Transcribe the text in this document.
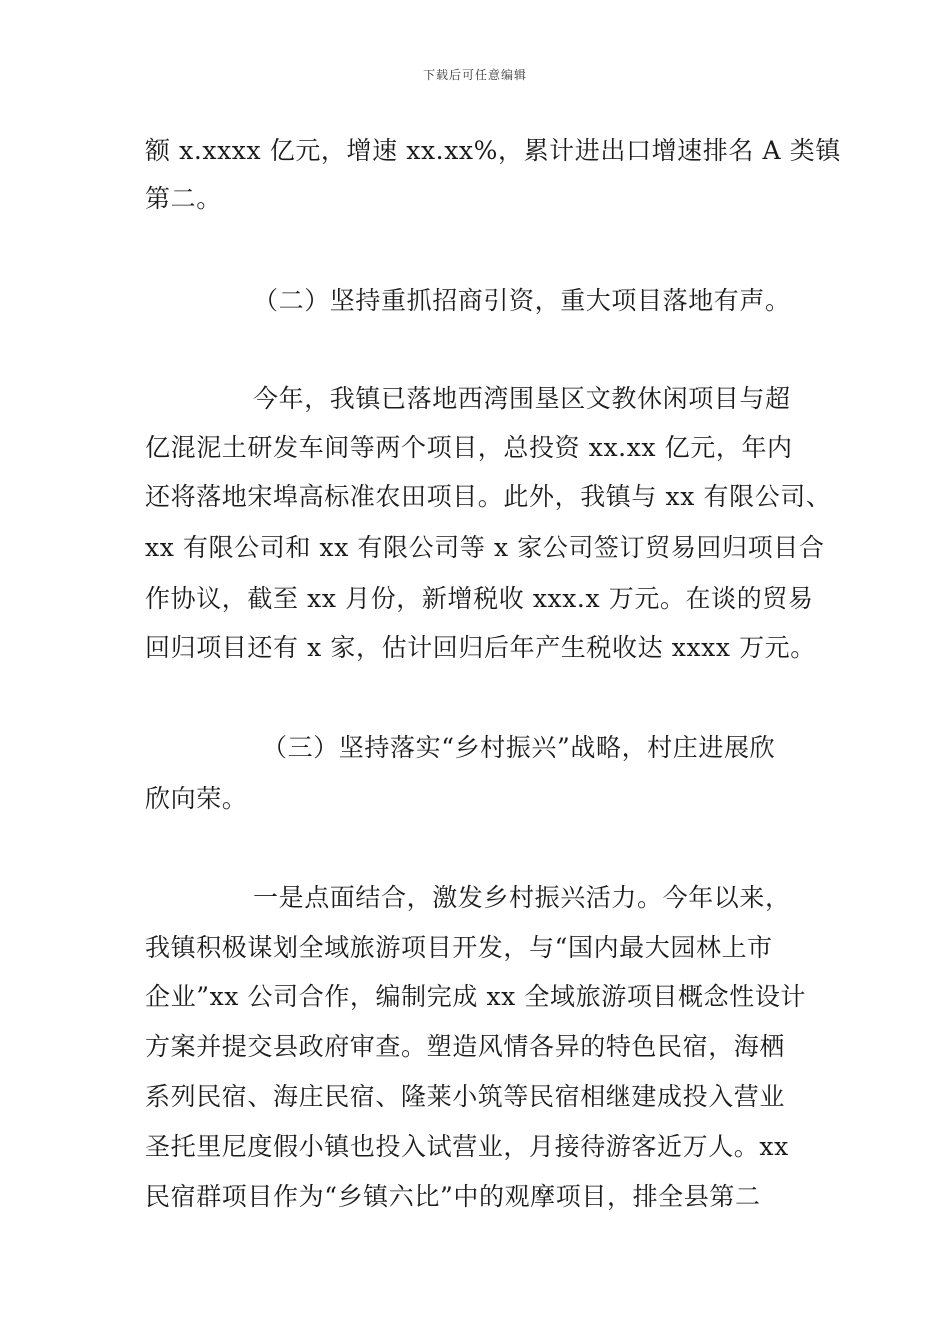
下载后可任意编辑
额 x.xxxx 亿元，增速 xx.xx%，累计进出口增速排名 A 类镇
第二。
（二）坚持重抓招商引资，重大项目落地有声。
今年，我镇已落地西湾围垦区文教休闲项目与超
亿混泥土研发车间等两个项目，总投资 xx.xx 亿元，年内
还将落地宋埠高标准农田项目。此外，我镇与 xx 有限公司、
xx 有限公司和 xx 有限公司等 x 家公司签订贸易回归项目合
作协议，截至 xx 月份，新增税收 xxx.x 万元。在谈的贸易
回归项目还有 x 家，估计回归后年产生税收达 xxxx 万元。
（三）坚持落实“乡村振兴”战略，村庄进展欣
欣向荣。
一是点面结合，激发乡村振兴活力。今年以来，
我镇积极谋划全域旅游项目开发，与“国内最大园林上市
企业”xx 公司合作，编制完成 xx 全域旅游项目概念性设计
方案并提交县政府审查。塑造风情各异的特色民宿，海栖
系列民宿、海庄民宿、隆莱小筑等民宿相继建成投入营业
圣托里尼度假小镇也投入试营业，月接待游客近万人。xx
民宿群项目作为“乡镇六比”中的观摩项目，排全县第二
